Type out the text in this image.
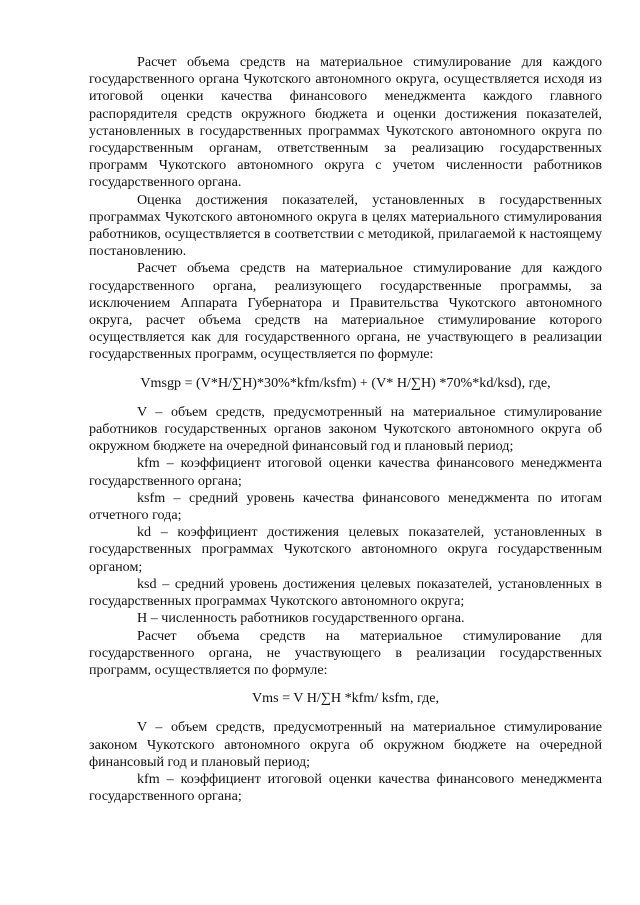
Расчет объема средств на материальное стимулирование для каждого государственного органа Чукотского автономного округа, осуществляется исходя из итоговой оценки качества финансового менеджмента каждого главного распорядителя средств окружного бюджета и оценки достижения показателей, установленных в государственных программах Чукотского автономного округа по государственным органам, ответственным за реализацию государственных программ Чукотского автономного округа с учетом численности работников государственного органа.

Оценка достижения показателей, установленных в государственных программах Чукотского автономного округа в целях материального стимулирования работников, осуществляется в соответствии с методикой, прилагаемой к настоящему постановлению.

Расчет объема средств на материальное стимулирование для каждого государственного органа, реализующего государственные программы, за исключением Аппарата Губернатора и Правительства Чукотского автономного округа, расчет объема средств на материальное стимулирование которого осуществляется как для государственного органа, не участвующего в реализации государственных программ, осуществляется по формуле:

Vmsgp = (V*H/∑H)*30%*kfm/ksfm) + (V* H/∑H) *70%*kd/ksd), где,

V – объем средств, предусмотренный на материальное стимулирование работников государственных органов законом Чукотского автономного округа об окружном бюджете на очередной финансовый год и плановый период;

kfm – коэффициент итоговой оценки качества финансового менеджмента государственного органа;

ksfm – средний уровень качества финансового менеджмента по итогам отчетного года;

kd – коэффициент достижения целевых показателей, установленных в государственных программах Чукотского автономного округа государственным органом;

ksd – средний уровень достижения целевых показателей, установленных в государственных программах Чукотского автономного округа;

H – численность работников государственного органа.

Расчет объема средств на материальное стимулирование для государственного органа, не участвующего в реализации государственных программ, осуществляется по формуле:

Vms = V H/∑H *kfm/ ksfm, где,

V – объем средств, предусмотренный на материальное стимулирование законом Чукотского автономного округа об окружном бюджете на очередной финансовый год и плановый период;

kfm – коэффициент итоговой оценки качества финансового менеджмента государственного органа;
